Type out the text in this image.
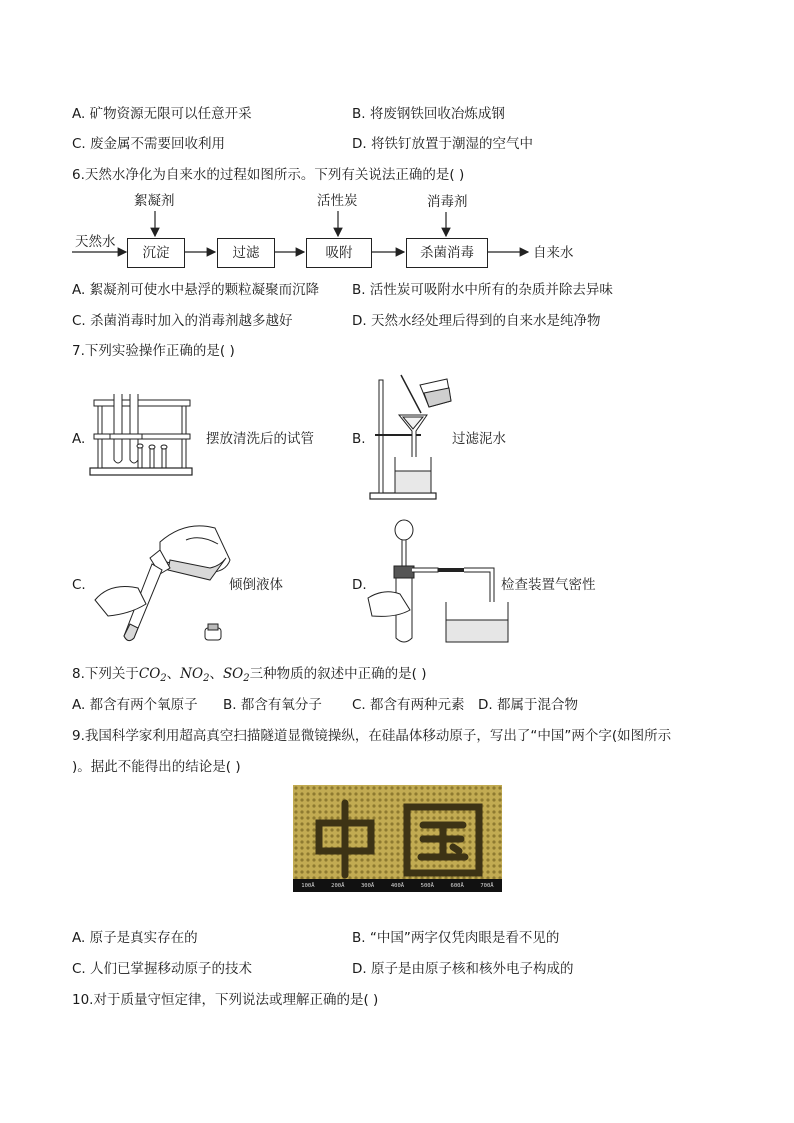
A. 矿物资源无限可以任意开采	B. 将废钢铁回收冶炼成钢
C. 废金属不需要回收利用	D. 将铁钉放置于潮湿的空气中
6.天然水净化为自来水的过程如图所示。下列有关说法正确的是( )
天然水
絮凝剂	活性炭	消毒剂
沉淀	过滤	吸附	杀菌消毒	自来水
A. 絮凝剂可使水中悬浮的颗粒凝聚而沉降 B. 活性炭可吸附水中所有的杂质并除去异味
C. 杀菌消毒时加入的消毒剂越多越好	D. 天然水经处理后得到的自来水是纯净物
7.下列实验操作正确的是( )
A.	摆放清洗后的试管	B.	过滤泥水
C.	倾倒液体	D.	检查装置气密性
8.下列关于$CO_2$、$NO_2$、$SO_2$三种物质的叙述中正确的是( )
A. 都含有两个氧原子 B. 都含有氧分子 C. 都含有两种元素 D. 都属于混合物
9.我国科学家利用超高真空扫描隧道显微镜操纵，在硅晶体移动原子，写出了“中国”两个字(如图所示
)。据此不能得出的结论是( )
100Å	200Å	300Å	400Å	500Å	600Å	700Å
A. 原子是真实存在的	B. “中国”两字仅凭肉眼是看不见的
C. 人们已掌握移动原子的技术	D. 原子是由原子核和核外电子构成的
10.对于质量守恒定律，下列说法或理解正确的是( )
